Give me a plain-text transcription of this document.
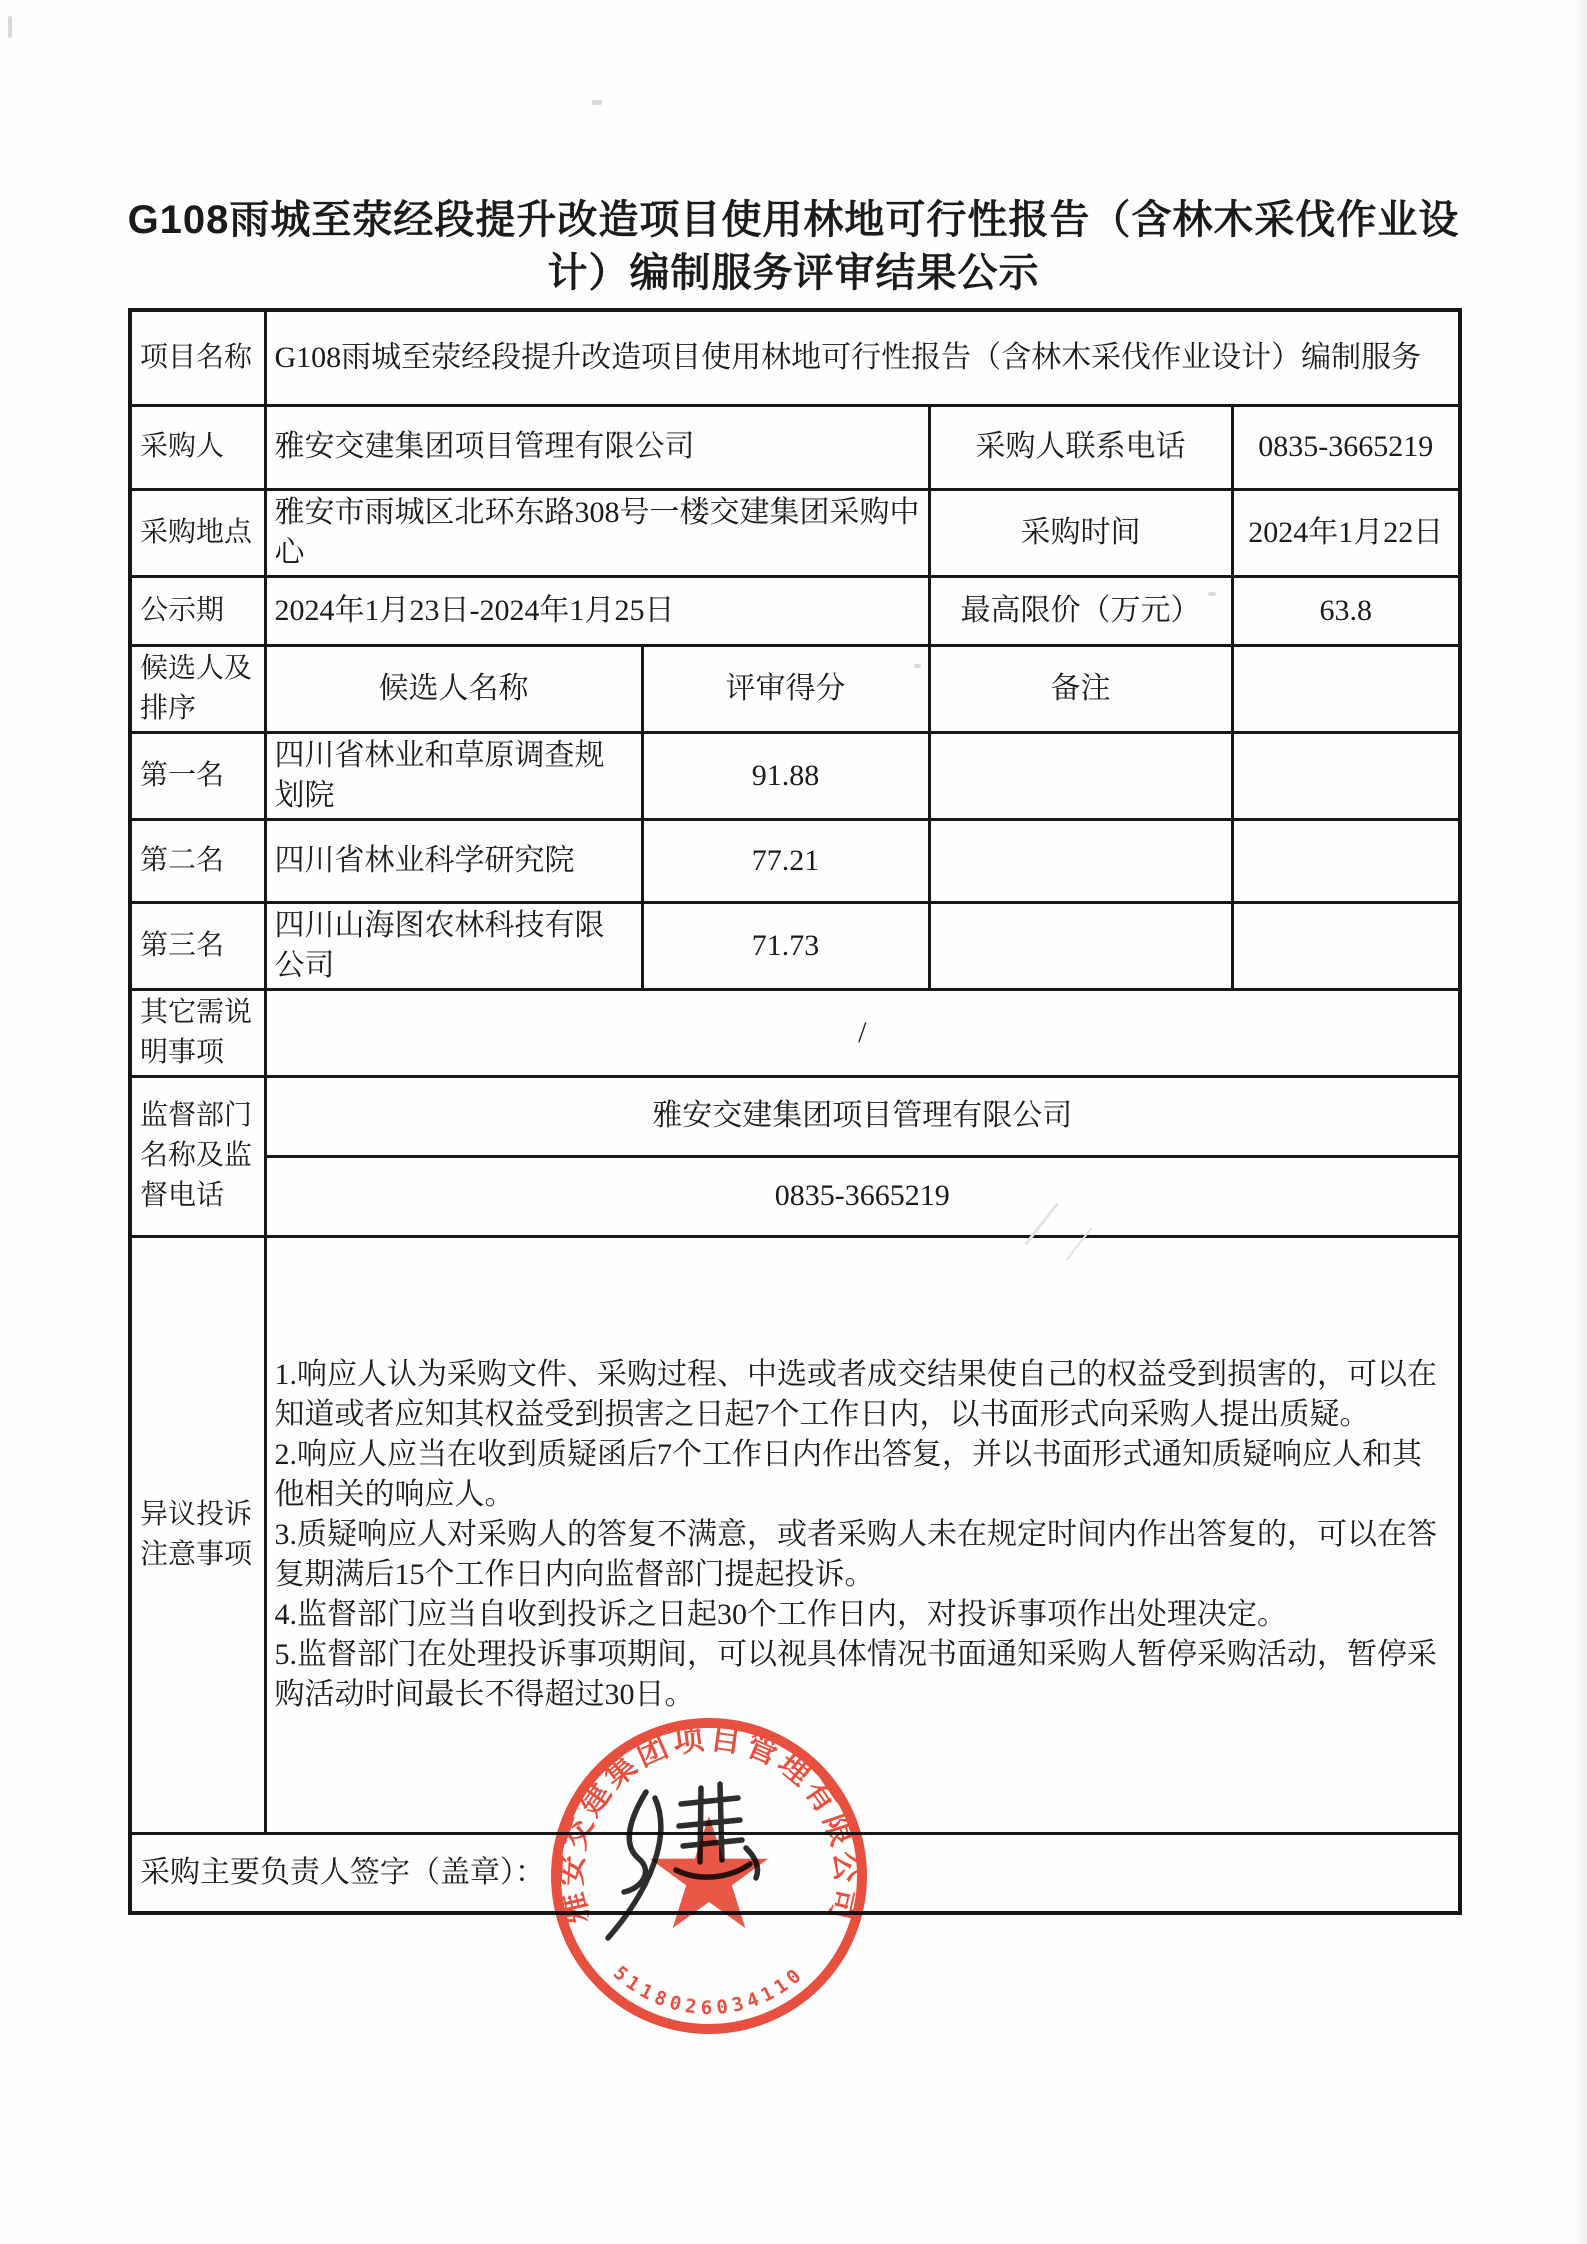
G108雨城至荥经段提升改造项目使用林地可行性报告（含林木采伐作业设
计）编制服务评审结果公示
项目名称	G108雨城至荥经段提升改造项目使用林地可行性报告（含林木采伐作业设计）编制服务			
采购人	雅安交建集团项目管理有限公司		采购人联系电话	0835-3665219
采购地点	雅安市雨城区北环东路308号一楼交建集团采购中心		采购时间	2024年1月22日
公示期	2024年1月23日-2024年1月25日		最高限价（万元）	63.8
候选人及排序	候选人名称	评审得分	备注	
第一名	四川省林业和草原调查规划院	91.88		
第二名	四川省林业科学研究院	77.21		
第三名	四川山海图农林科技有限公司	71.73		
其它需说明事项	/			
监督部门名称及监督电话	雅安交建集团项目管理有限公司			
	0835-3665219			
异议投诉注意事项	1.响应人认为采购文件、采购过程、中选或者成交结果使自己的权益受到损害的，可以在知道或者应知其权益受到损害之日起7个工作日内，以书面形式向采购人提出质疑。
2.响应人应当在收到质疑函后7个工作日内作出答复，并以书面形式通知质疑响应人和其他相关的响应人。
3.质疑响应人对采购人的答复不满意，或者采购人未在规定时间内作出答复的，可以在答复期满后15个工作日内向监督部门提起投诉。
4.监督部门应当自收到投诉之日起30个工作日内，对投诉事项作出处理决定。
5.监督部门在处理投诉事项期间，可以视具体情况书面通知采购人暂停采购活动，暂停采购活动时间最长不得超过30日。			

采购主要负责人签字（盖章）：				
雅安交建集团项目管理有限公司
5118026034110
